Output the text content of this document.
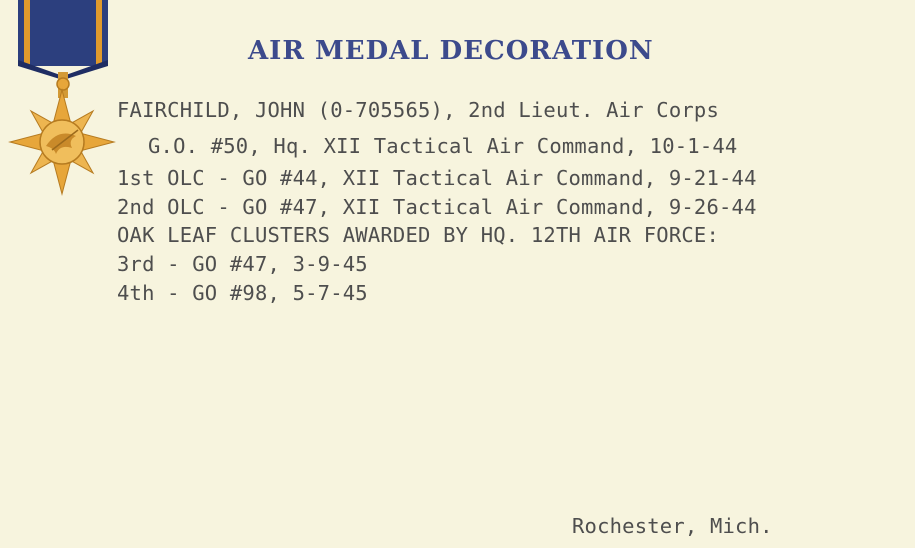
AIR MEDAL DECORATION
FAIRCHILD, JOHN (0-705565), 2nd Lieut. Air Corps
G.O. #50, Hq. XII Tactical Air Command, 10-1-44
1st OLC - GO #44, XII Tactical Air Command, 9-21-44
2nd OLC - GO #47, XII Tactical Air Command, 9-26-44
OAK LEAF CLUSTERS AWARDED BY HQ. 12TH AIR FORCE:
3rd - GO #47, 3-9-45
4th - GO #98, 5-7-45
Rochester, Mich.
